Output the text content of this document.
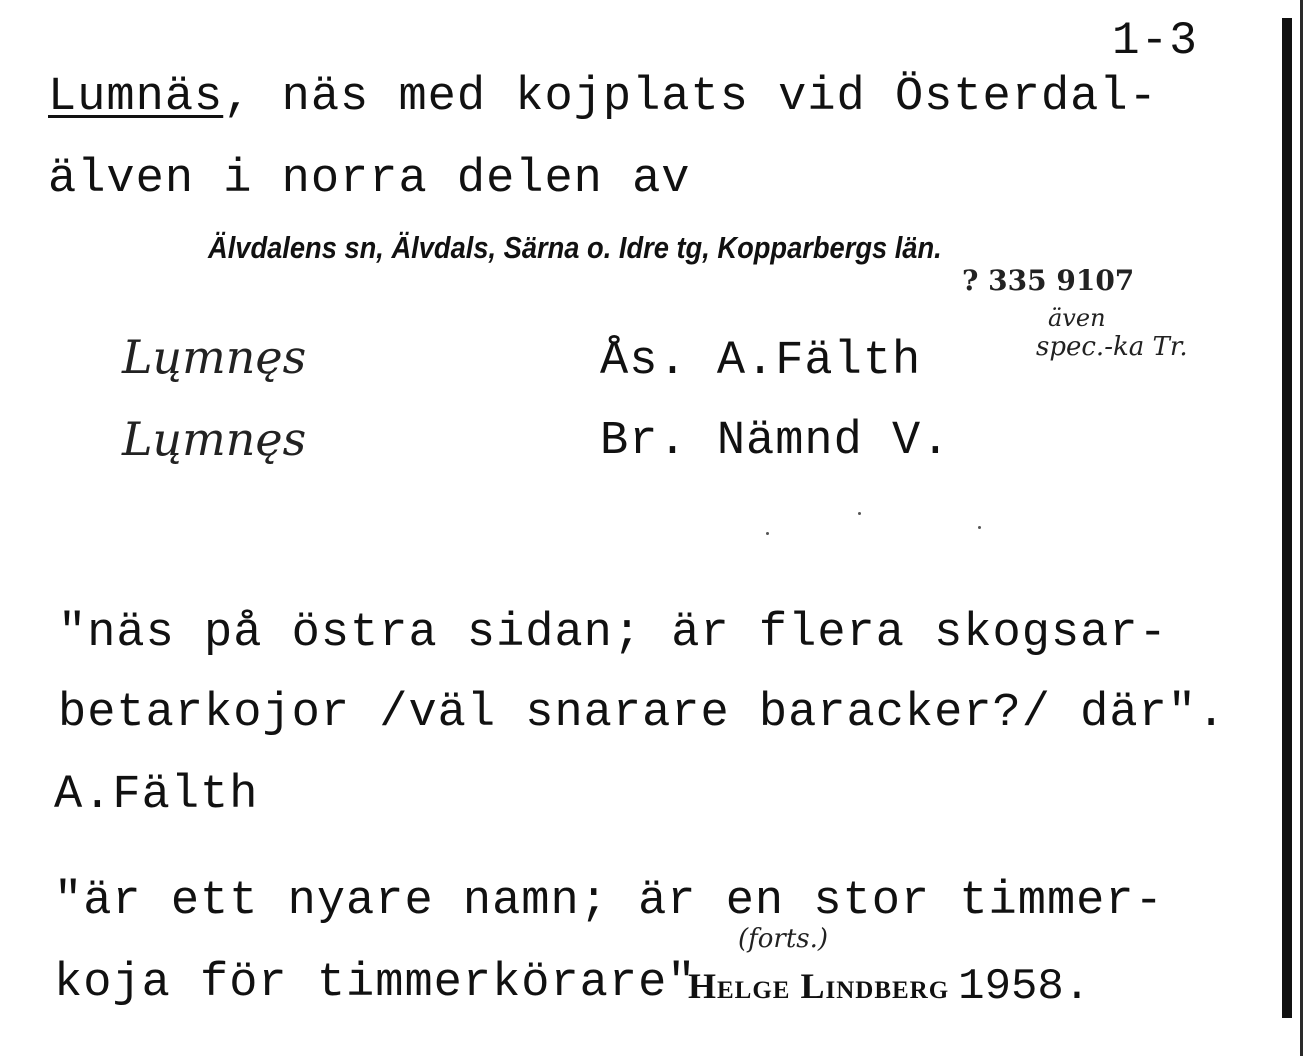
1-3
Lumnäs, näs med kojplats vid Österdal-
älven i norra delen av
Älvdalens sn, Älvdals, Särna o. Idre tg, Kopparbergs län.
? 335 9107
Lųmnęs	Ås. A.Fälth
Lųmnęs	Br. Nämnd V.
även
spec.-ka Tr.
"näs på östra sidan; är flera skogsar-
betarkojor /väl snarare baracker?/ där".
A.Fälth
"är ett nyare namn; är en stor timmer-
koja för timmerkörare"
(forts.)
Helge Lindberg 1958.
